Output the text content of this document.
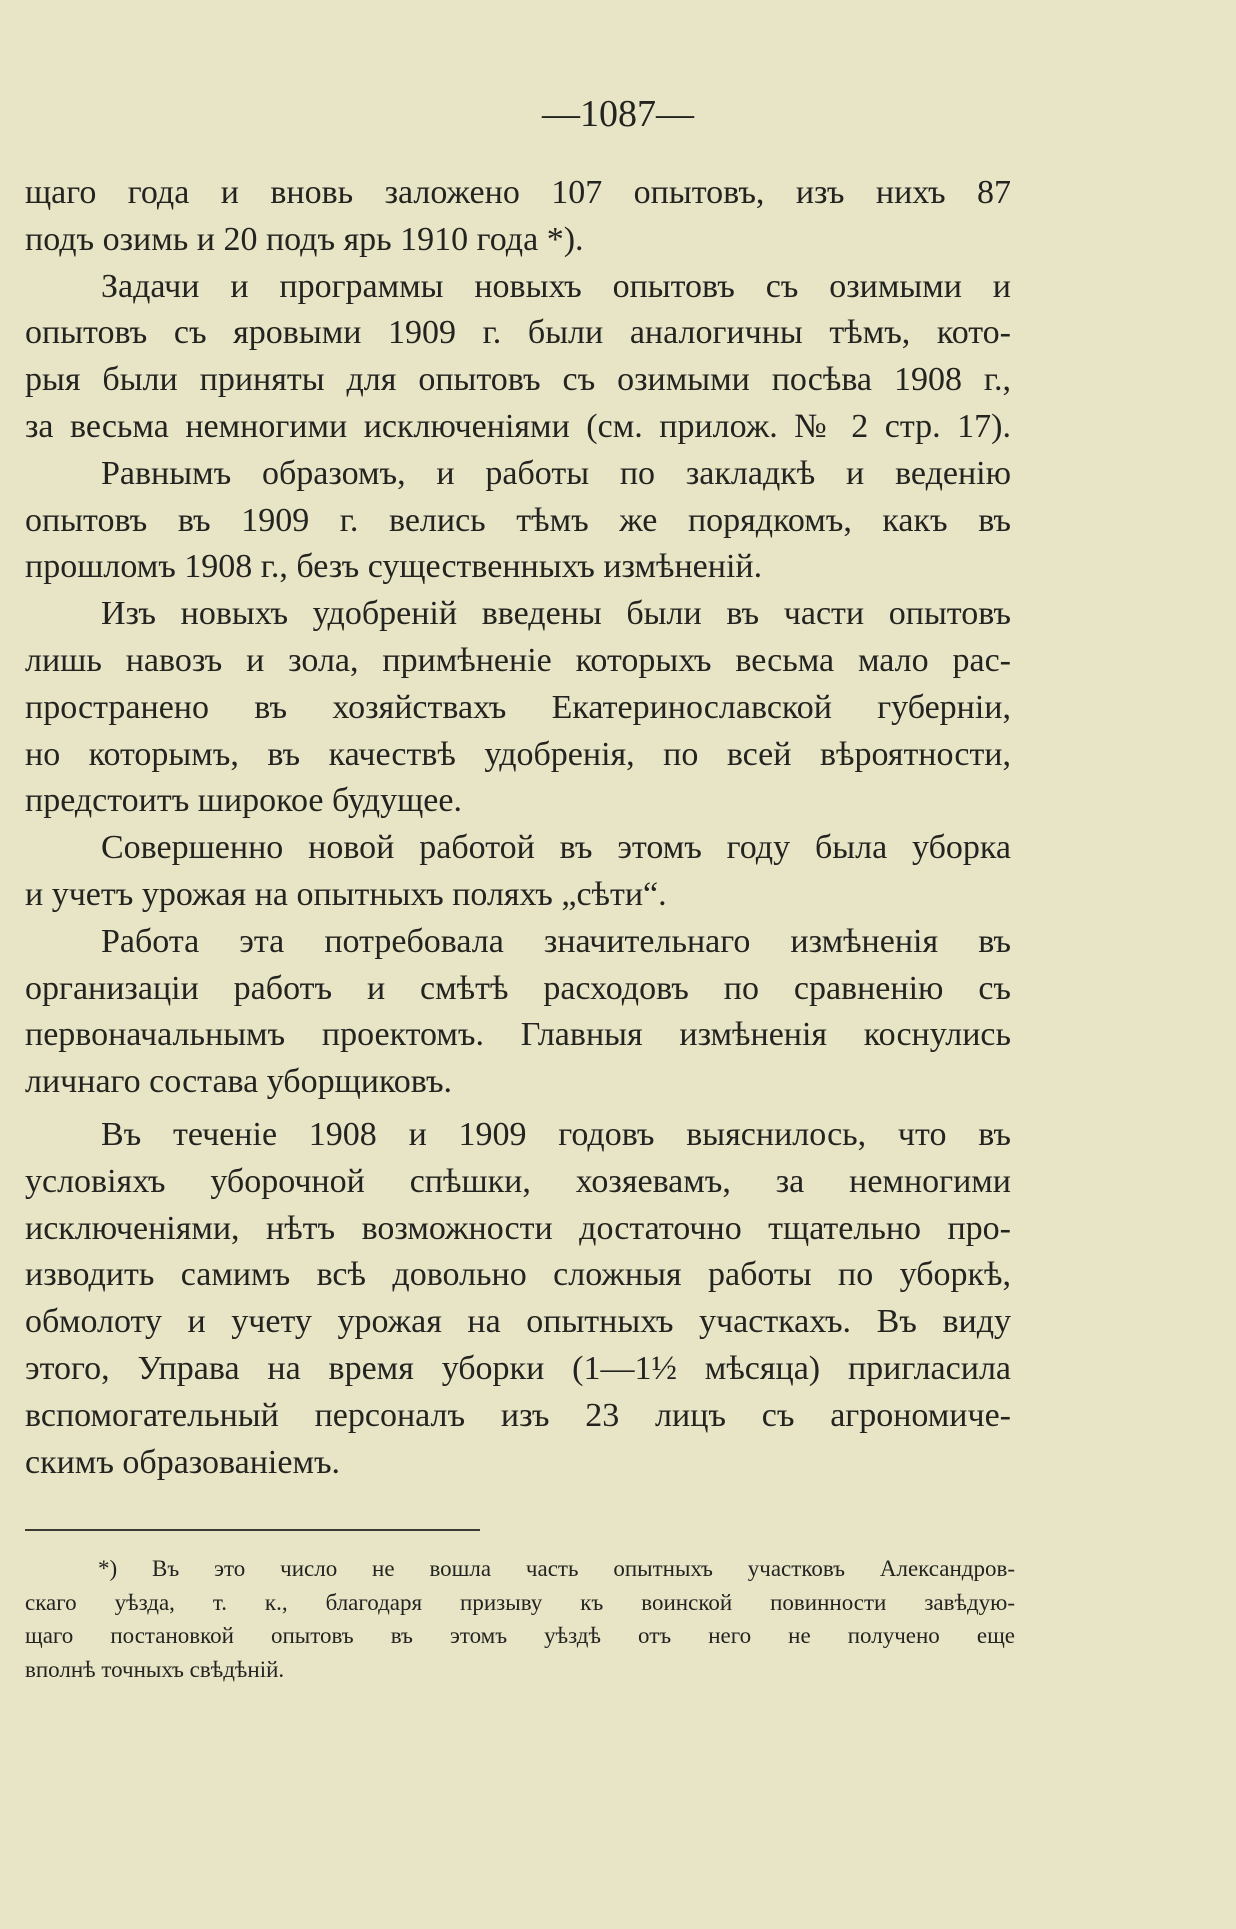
—1087—
щаго года и вновь заложено 107 опытовъ, изъ нихъ 87
подъ озимь и 20 подъ ярь 1910 года *).
Задачи и программы новыхъ опытовъ съ озимыми и
опытовъ съ яровыми 1909 г. были аналогичны тѣмъ, кото-
рыя были приняты для опытовъ съ озимыми посѣва 1908 г.,
за весьма немногими исключеніями (см. прилож. № 2 стр. 17).
Равнымъ образомъ, и работы по закладкѣ и веденію
опытовъ въ 1909 г. велись тѣмъ же порядкомъ, какъ въ
прошломъ 1908 г., безъ существенныхъ измѣненій.
Изъ новыхъ удобреній введены были въ части опытовъ
лишь навозъ и зола, примѣненіе которыхъ весьма мало рас-
пространено въ хозяйствахъ Екатеринославской губерніи,
но которымъ, въ качествѣ удобренія, по всей вѣроятности,
предстоитъ широкое будущее.
Совершенно новой работой въ этомъ году была уборка
и учетъ урожая на опытныхъ поляхъ „сѣти“.
Работа эта потребовала значительнаго измѣненія въ
организаціи работъ и смѣтѣ расходовъ по сравненію съ
первоначальнымъ проектомъ. Главныя измѣненія коснулись
личнаго состава уборщиковъ.
Въ теченіе 1908 и 1909 годовъ выяснилось, что въ
условіяхъ уборочной спѣшки, хозяевамъ, за немногими
исключеніями, нѣтъ возможности достаточно тщательно про-
изводить самимъ всѣ довольно сложныя работы по уборкѣ,
обмолоту и учету урожая на опытныхъ участкахъ. Въ виду
этого, Управа на время уборки (1—1½ мѣсяца) пригласила
вспомогательный персоналъ изъ 23 лицъ съ агрономиче-
скимъ образованіемъ.
*) Въ это число не вошла часть опытныхъ участковъ Александров-
скаго уѣзда, т. к., благодаря призыву къ воинской повинности завѣдую-
щаго постановкой опытовъ въ этомъ уѣздѣ отъ него не получено еще
вполнѣ точныхъ свѣдѣній.
